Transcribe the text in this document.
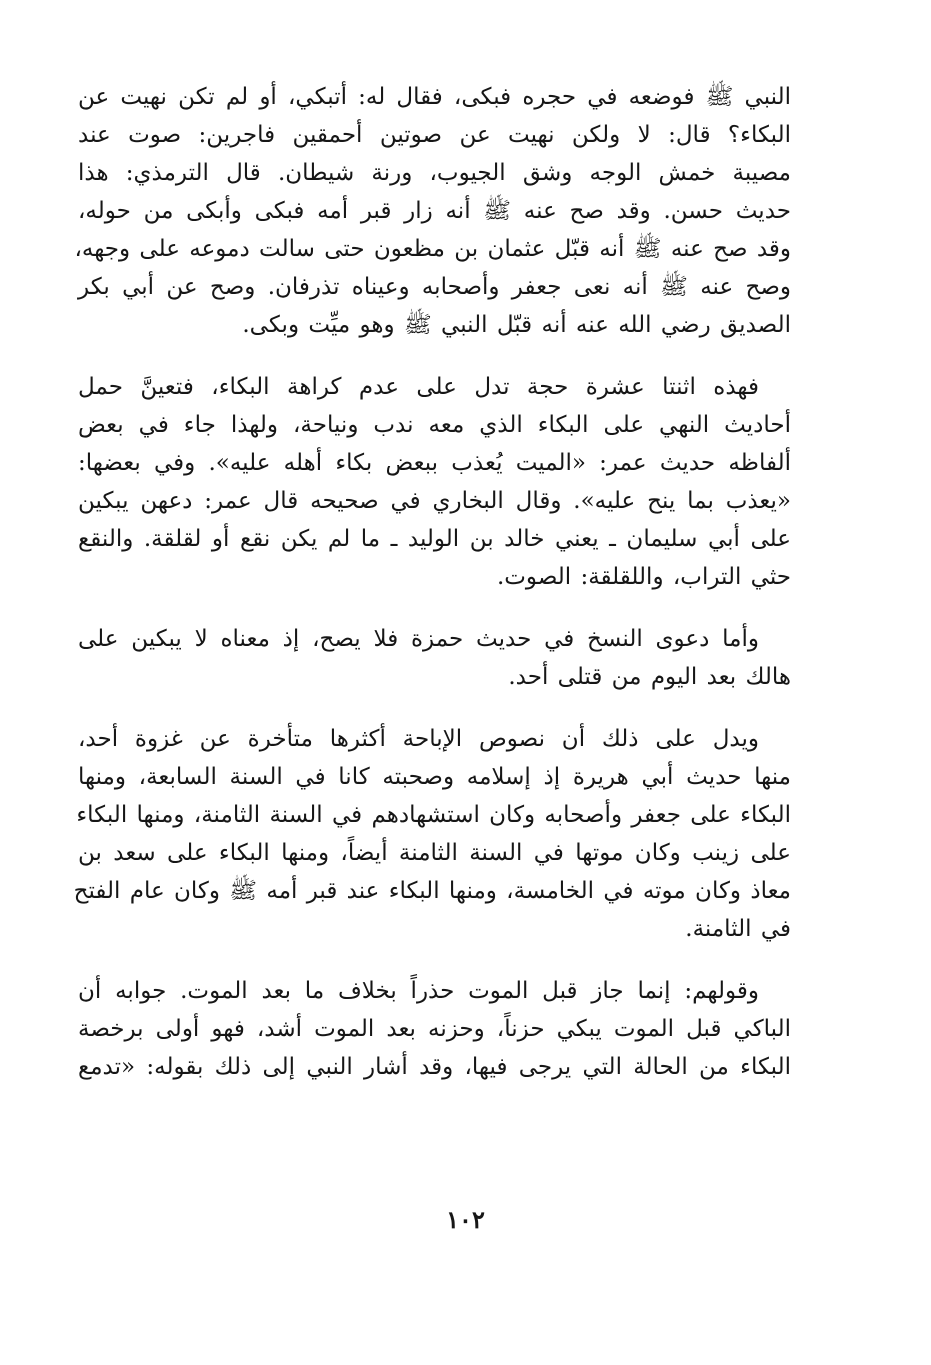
النبي ﷺ فوضعه في حجره فبكى، فقال له: أتبكي، أو لم تكن نهيت عن
البكاء؟ قال: لا ولكن نهيت عن صوتين أحمقين فاجرين: صوت عند
مصيبة خمش الوجه وشق الجيوب، ورنة شيطان. قال الترمذي: هذا
حديث حسن. وقد صح عنه ﷺ أنه زار قبر أمه فبكى وأبكى من حوله،
وقد صح عنه ﷺ أنه قبّل عثمان بن مظعون حتى سالت دموعه على وجهه،
وصح عنه ﷺ أنه نعى جعفر وأصحابه وعيناه تذرفان. وصح عن أبي بكر
الصديق رضي الله عنه أنه قبّل النبي ﷺ وهو ميِّت وبكى.

فهذه اثنتا عشرة حجة تدل على عدم كراهة البكاء، فتعينَّ حمل
أحاديث النهي على البكاء الذي معه ندب ونياحة، ولهذا جاء في بعض
ألفاظه حديث عمر: «الميت يُعذب ببعض بكاء أهله عليه». وفي بعضها:
«يعذب بما ينح عليه». وقال البخاري في صحيحه قال عمر: دعهن يبكين
على أبي سليمان ـ يعني خالد بن الوليد ـ ما لم يكن نقع أو لقلقة. والنقع
حثي التراب، واللقلقة: الصوت.

وأما دعوى النسخ في حديث حمزة فلا يصح، إذ معناه لا يبكين على
هالك بعد اليوم من قتلى أحد.

ويدل على ذلك أن نصوص الإباحة أكثرها متأخرة عن غزوة أحد،
منها حديث أبي هريرة إذ إسلامه وصحبته كانا في السنة السابعة، ومنها
البكاء على جعفر وأصحابه وكان استشهادهم في السنة الثامنة، ومنها البكاء
على زينب وكان موتها في السنة الثامنة أيضاً، ومنها البكاء على سعد بن
معاذ وكان موته في الخامسة، ومنها البكاء عند قبر أمه ﷺ وكان عام الفتح
في الثامنة.

وقولهم: إنما جاز قبل الموت حذراً بخلاف ما بعد الموت. جوابه أن
الباكي قبل الموت يبكي حزناً، وحزنه بعد الموت أشد، فهو أولى برخصة
البكاء من الحالة التي يرجى فيها، وقد أشار النبي إلى ذلك بقوله: «تدمع

١٠٢
